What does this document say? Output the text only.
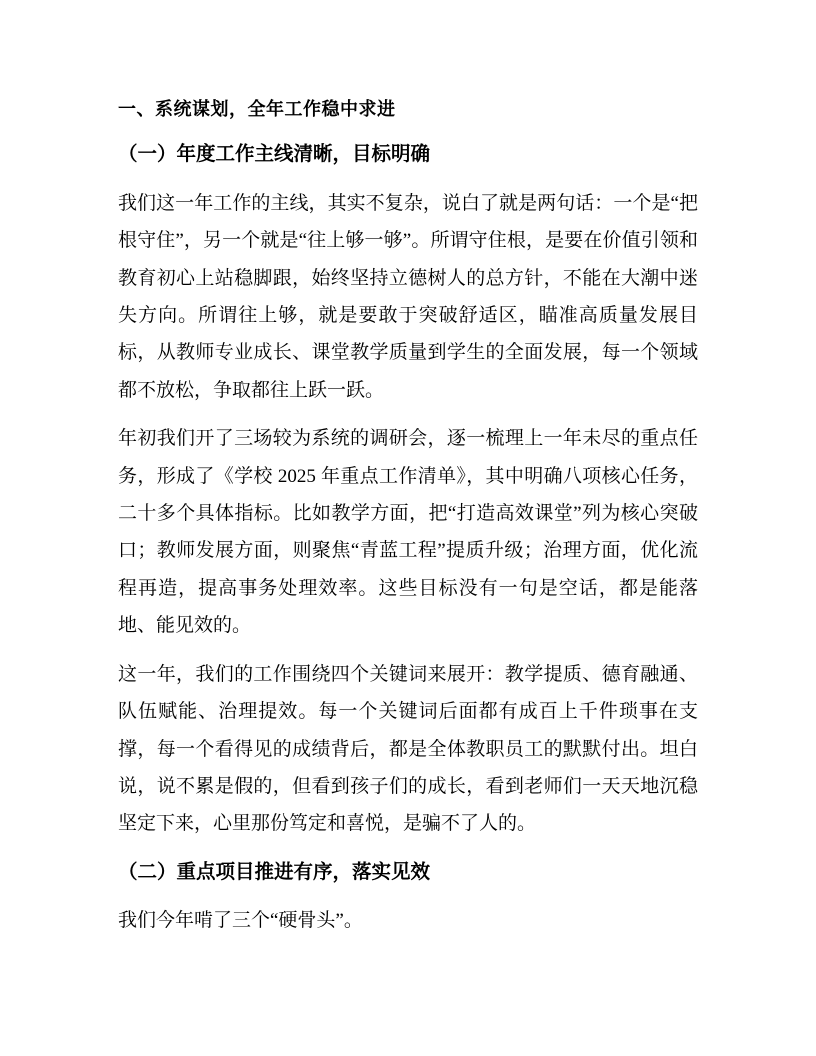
一、系统谋划，全年工作稳中求进
（一）年度工作主线清晰，目标明确

我们这一年工作的主线，其实不复杂，说白了就是两句话：一个是“把根守住”，另一个就是“往上够一够”。所谓守住根，是要在价值引领和教育初心上站稳脚跟，始终坚持立德树人的总方针，不能在大潮中迷失方向。所谓往上够，就是要敢于突破舒适区，瞄准高质量发展目标，从教师专业成长、课堂教学质量到学生的全面发展，每一个领域都不放松，争取都往上跃一跃。

年初我们开了三场较为系统的调研会，逐一梳理上一年未尽的重点任务，形成了《学校 2025 年重点工作清单》，其中明确八项核心任务，二十多个具体指标。比如教学方面，把“打造高效课堂”列为核心突破口；教师发展方面，则聚焦“青蓝工程”提质升级；治理方面，优化流程再造，提高事务处理效率。这些目标没有一句是空话，都是能落地、能见效的。

这一年，我们的工作围绕四个关键词来展开：教学提质、德育融通、队伍赋能、治理提效。每一个关键词后面都有成百上千件琐事在支撑，每一个看得见的成绩背后，都是全体教职员工的默默付出。坦白说，说不累是假的，但看到孩子们的成长，看到老师们一天天地沉稳坚定下来，心里那份笃定和喜悦，是骗不了人的。

（二）重点项目推进有序，落实见效

我们今年啃了三个“硬骨头”。
